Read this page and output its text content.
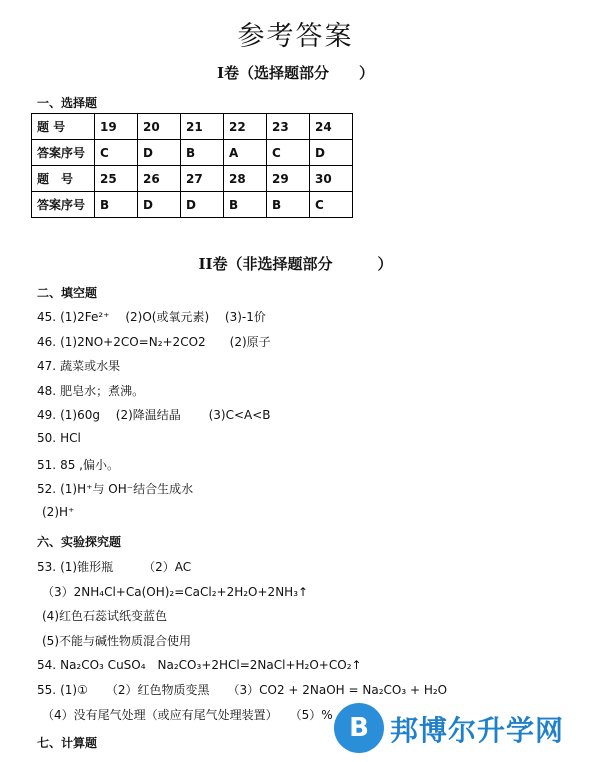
参考答案
I卷（选择题部分　　）
一、选择题
题 号	19	20	21	22	23	24
答案序号	C	D	B	A	C	D
题　号	25	26	27	28	29	30
答案序号	B	D	D	B	B	C
II卷（非选择题部分　　　）
二、填空题
45. (1)2Fe²⁺　 (2)O(或氧元素)　 (3)-1价
46. (1)2NO+2CO=N₂+2CO2　　(2)原子
47. 蔬菜或水果
48. 肥皂水；煮沸。
49. (1)60g　 (2)降温结晶　　 (3)C<A<B
50. HCl
51. 85 ,偏小。
52. (1)H⁺与 OH⁻结合生成水
(2)H⁺
六、实验探究题
53. (1)锥形瓶　　　（2）AC
（3）2NH₄Cl+Ca(OH)₂=CaCl₂+2H₂O+2NH₃↑
(4)红色石蕊试纸变蓝色
(5)不能与碱性物质混合使用
54. Na₂CO₃ CuSO₄　Na₂CO₃+2HCl=2NaCl+H₂O+CO₂↑
55. (1)①　　（2）红色物质变黑　　（3）CO2 + 2NaOH = Na₂CO₃ + H₂O
（4）没有尾气处理（或应有尾气处理装置）　　（5）%
七、计算题	B 邦博尔升学网
